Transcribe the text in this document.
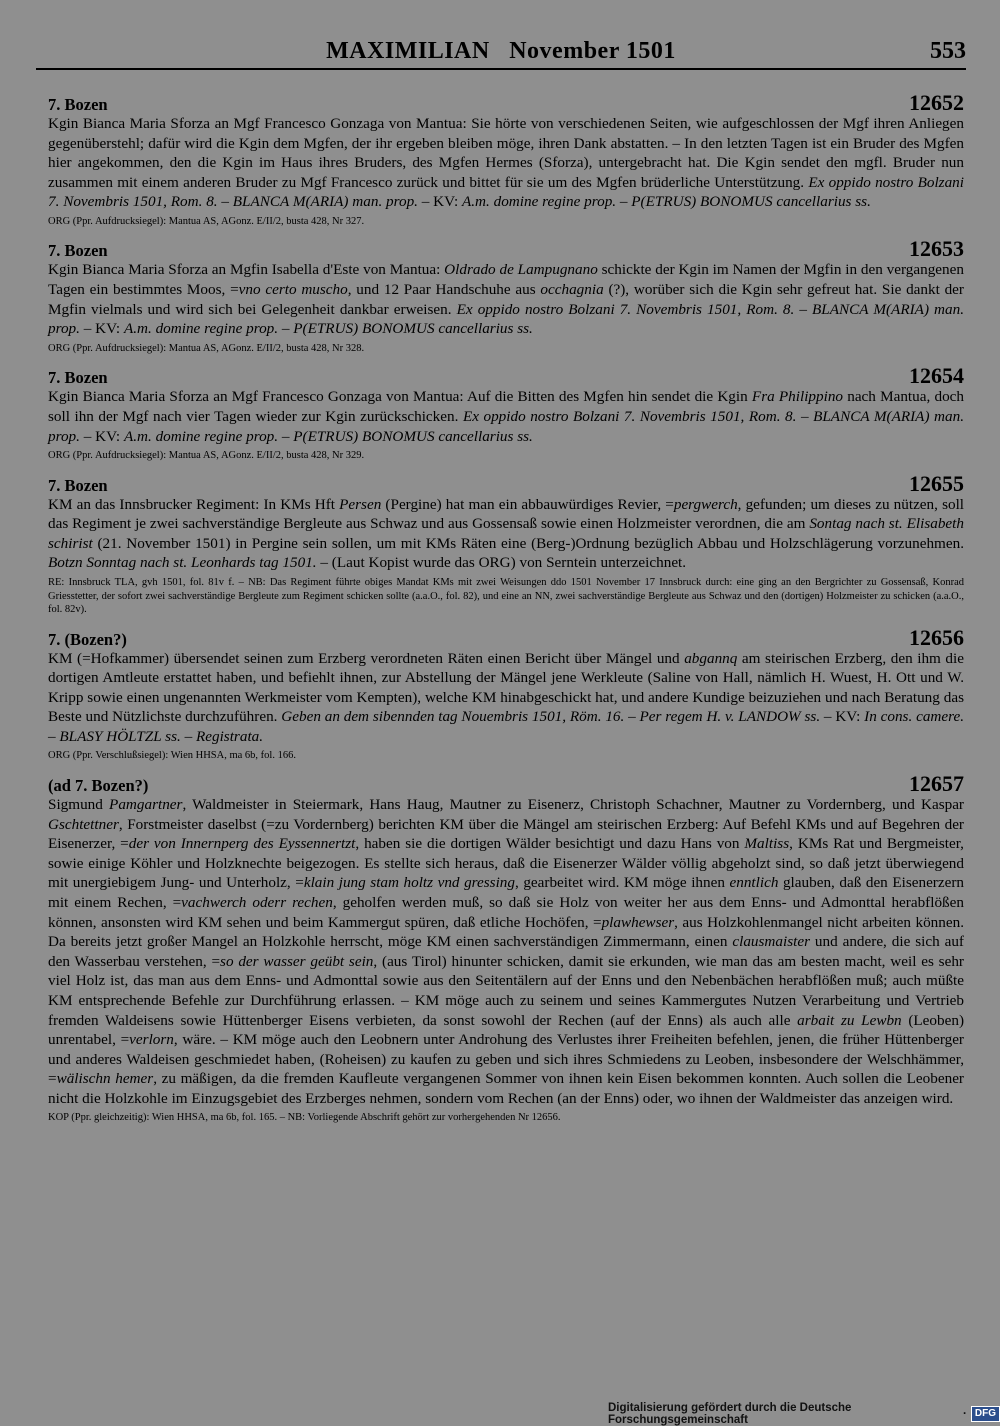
MAXIMILIAN   November 1501	553
7. Bozen	12652

Kgin Bianca Maria Sforza an Mgf Francesco Gonzaga von Mantua: Sie hörte von verschiedenen Seiten, wie aufgeschlossen der Mgf ihren Anliegen gegenüberstehl; dafür wird die Kgin dem Mgfen, der ihr ergeben bleiben möge, ihren Dank abstatten. – In den letzten Tagen ist ein Bruder des Mgfen hier angekommen, den die Kgin im Haus ihres Bruders, des Mgfen Hermes (Sforza), untergebracht hat. Die Kgin sendet den mgfl. Bruder nun zusammen mit einem anderen Bruder zu Mgf Francesco zurück und bittet für sie um des Mgfen brüderliche Unterstützung. Ex oppido nostro Bolzani 7. Novembris 1501, Rom. 8. – BLANCA M(ARIA) man. prop. – KV: A.m. domine regine prop. – P(ETRUS) BONOMUS cancellarius ss.

ORG (Ppr. Aufdrucksiegel): Mantua AS, AGonz. E/II/2, busta 428, Nr 327.
7. Bozen	12653

Kgin Bianca Maria Sforza an Mgfin Isabella d'Este von Mantua: Oldrado de Lampugnano schickte der Kgin im Namen der Mgfin in den vergangenen Tagen ein bestimmtes Moos, =vno certo muscho, und 12 Paar Handschuhe aus occhagnia (?), worüber sich die Kgin sehr gefreut hat. Sie dankt der Mgfin vielmals und wird sich bei Gelegenheit dankbar erweisen. Ex oppido nostro Bolzani 7. Novembris 1501, Rom. 8. – BLANCA M(ARIA) man. prop. – KV: A.m. domine regine prop. – P(ETRUS) BONOMUS cancellarius ss.

ORG (Ppr. Aufdrucksiegel): Mantua AS, AGonz. E/II/2, busta 428, Nr 328.
7. Bozen	12654

Kgin Bianca Maria Sforza an Mgf Francesco Gonzaga von Mantua: Auf die Bitten des Mgfen hin sendet die Kgin Fra Philippino nach Mantua, doch soll ihn der Mgf nach vier Tagen wieder zur Kgin zurückschicken. Ex oppido nostro Bolzani 7. Novembris 1501, Rom. 8. – BLANCA M(ARIA) man. prop. – KV: A.m. domine regine prop. – P(ETRUS) BONOMUS cancellarius ss.

ORG (Ppr. Aufdrucksiegel): Mantua AS, AGonz. E/II/2, busta 428, Nr 329.
7. Bozen	12655

KM an das Innsbrucker Regiment: In KMs Hft Persen (Pergine) hat man ein abbauwürdiges Revier, =pergwerch, gefunden; um dieses zu nützen, soll das Regiment je zwei sachverständige Bergleute aus Schwaz und aus Gossensaß sowie einen Holzmeister verordnen, die am Sontag nach st. Elisabeth schirist (21. November 1501) in Pergine sein sollen, um mit KMs Räten eine (Berg-)Ordnung bezüglich Abbau und Holzschlägerung vorzunehmen. Botzn Sonntag nach st. Leonhards tag 1501. – (Laut Kopist wurde das ORG) von Serntein unterzeichnet.

RE: Innsbruck TLA, gvh 1501, fol. 81v f. – NB: Das Regiment führte obiges Mandat KMs mit zwei Weisungen ddo 1501 November 17 Innsbruck durch: eine ging an den Bergrichter zu Gossensaß, Konrad Griesstetter, der sofort zwei sachverständige Bergleute zum Regiment schicken sollte (a.a.O., fol. 82), und eine an NN, zwei sachverständige Bergleute aus Schwaz und den (dortigen) Holzmeister zu schicken (a.a.O., fol. 82v).
7. (Bozen?)	12656

KM (=Hofkammer) übersendet seinen zum Erzberg verordneten Räten einen Bericht über Mängel und abgannq am steirischen Erzberg, den ihm die dortigen Amtleute erstattet haben, und befiehlt ihnen, zur Abstellung der Mängel jene Werkleute (Saline von Hall, nämlich H. Wuest, H. Ott und W. Kripp sowie einen ungenannten Werkmeister vom Kempten), welche KM hinabgeschickt hat, und andere Kundige beizuziehen und nach Beratung das Beste und Nützlichste durchzuführen. Geben an dem sibennden tag Nouembris 1501, Röm. 16. – Per regem H. v. LANDOW ss. – KV: In cons. camere. – BLASY HÖLTZL ss. – Registrata.

ORG (Ppr. Verschlußsiegel): Wien HHSA, ma 6b, fol. 166.
(ad 7. Bozen?)	12657

Sigmund Pamgartner, Waldmeister in Steiermark, Hans Haug, Mautner zu Eisenerz, Christoph Schachner, Mautner zu Vordernberg, und Kaspar Gschtettner, Forstmeister daselbst (=zu Vordernberg) berichten KM über die Mängel am steirischen Erzberg: Auf Befehl KMs und auf Begehren der Eisenerzer, =der von Innernperg des Eyssennertzt, haben sie die dortigen Wälder besichtigt und dazu Hans von Maltiss, KMs Rat und Bergmeister, sowie einige Köhler und Holzknechte beigezogen. Es stellte sich heraus, daß die Eisenerzer Wälder völlig abgeholzt sind, so daß jetzt überwiegend mit unergiebigem Jung- und Unterholz, =klain jung stam holtz vnd gressing, gearbeitet wird. KM möge ihnen enntlich glauben, daß den Eisenerzern mit einem Rechen, =vachwerch oderr rechen, geholfen werden muß, so daß sie Holz von weiter her aus dem Enns- und Admonttal herabflößen können, ansonsten wird KM sehen und beim Kammergut spüren, daß etliche Hochöfen, =plawhewser, aus Holzkohlenmangel nicht arbeiten können. Da bereits jetzt großer Mangel an Holzkohle herrscht, möge KM einen sachverständigen Zimmermann, einen clausmaister und andere, die sich auf den Wasserbau verstehen, =so der wasser geübt sein, (aus Tirol) hinunter schicken, damit sie erkunden, wie man das am besten macht, weil es sehr viel Holz ist, das man aus dem Enns- und Admonttal sowie aus den Seitentälern auf der Enns und den Nebenbächen herabflößen muß; auch müßte KM entsprechende Befehle zur Durchführung erlassen. – KM möge auch zu seinem und seines Kammergutes Nutzen Verarbeitung und Vertrieb fremden Waldeisens sowie Hüttenberger Eisens verbieten, da sonst sowohl der Rechen (auf der Enns) als auch alle arbait zu Lewbn (Leoben) unrentabel, =verlorn, wäre. – KM möge auch den Leobnern unter Androhung des Verlustes ihrer Freiheiten befehlen, jenen, die früher Hüttenberger und anderes Waldeisen geschmiedet haben, (Roheisen) zu kaufen zu geben und sich ihres Schmiedens zu Leoben, insbesondere der Welschhämmer, =wälischn hemer, zu mäßigen, da die fremden Kaufleute vergangenen Sommer von ihnen kein Eisen bekommen konnten. Auch sollen die Leobener nicht die Holzkohle im Einzugsgebiet des Erzberges nehmen, sondern vom Rechen (an der Enns) oder, wo ihnen der Waldmeister das anzeigen wird.

KOP (Ppr. gleichzeitig): Wien HHSA, ma 6b, fol. 165. – NB: Vorliegende Abschrift gehört zur vorhergehenden Nr 12656.
Digitalisierung gefördert durch die Deutsche Forschungsgemeinschaft	· DFG
